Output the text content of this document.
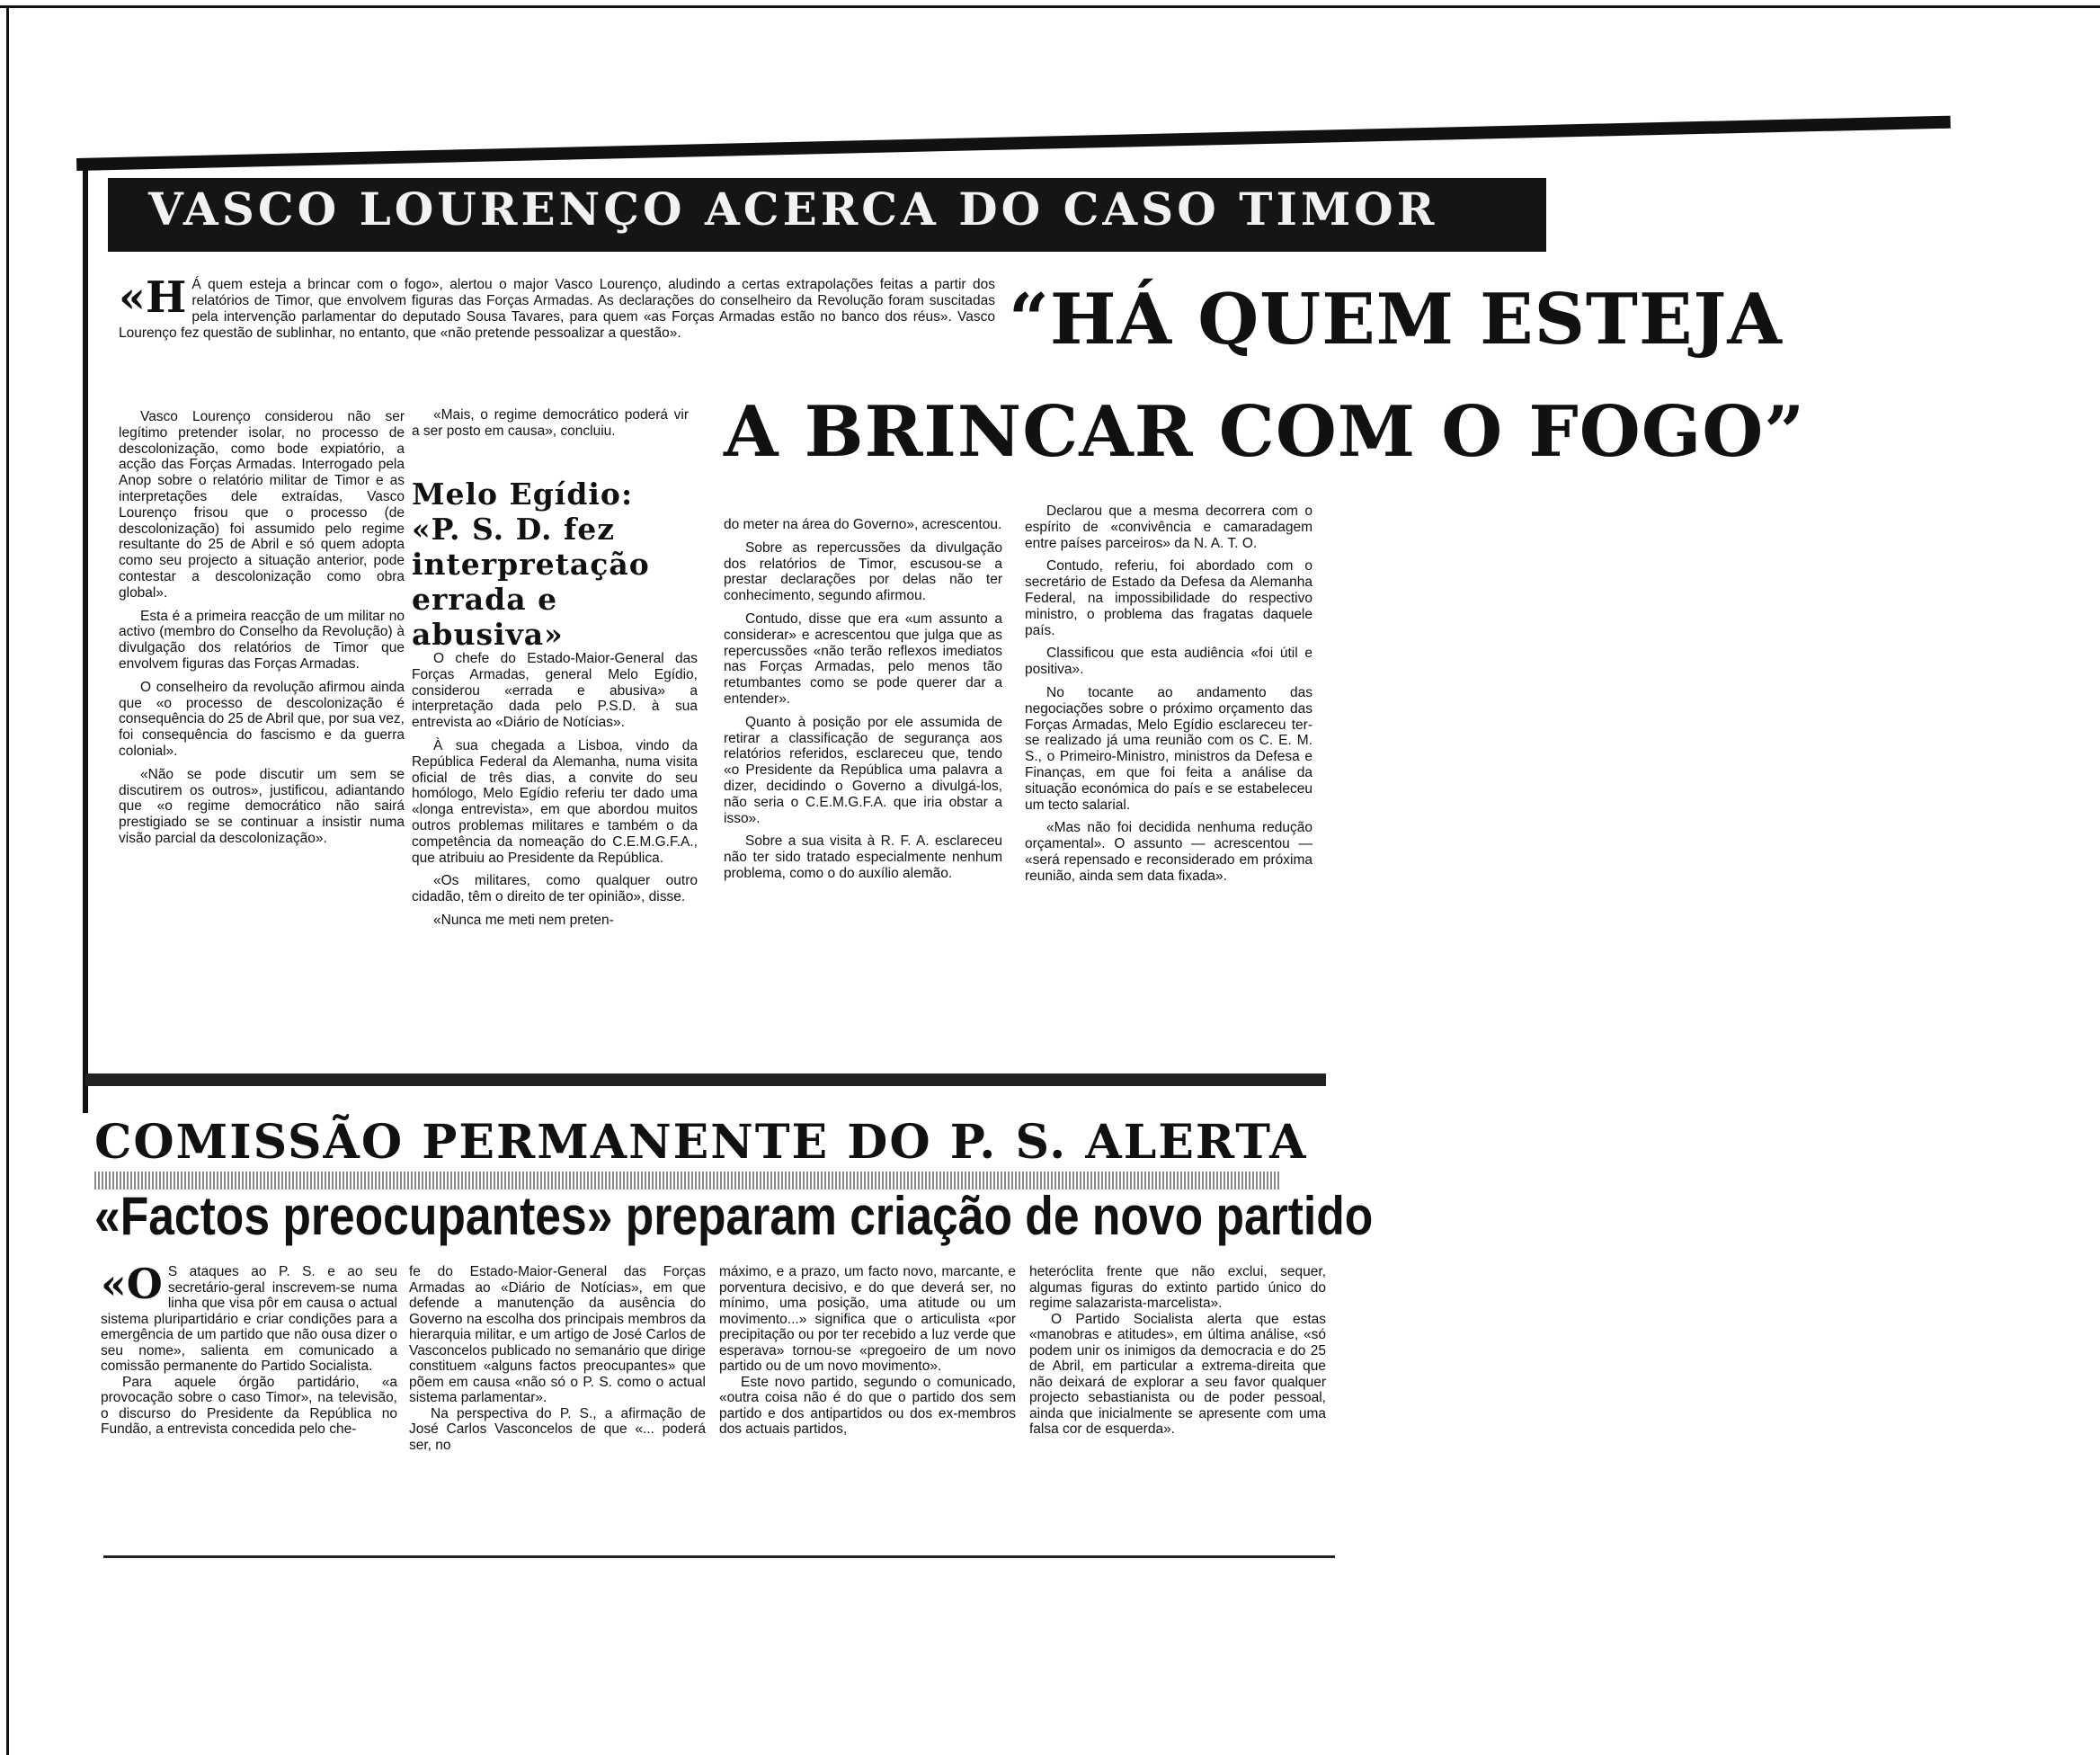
VASCO LOURENÇO ACERCA DO CASO TIMOR
«H Á quem esteja a brincar com o fogo», alertou o major Vasco Lourenço, aludindo a certas extrapolações feitas a partir dos relatórios de Timor, que envolvem figuras das Forças Armadas. As declarações do conselheiro da Revolução foram suscitadas pela intervenção parlamentar do deputado Sousa Tavares, para quem «as Forças Armadas estão no banco dos réus». Vasco Lourenço fez questão de sublinhar, no entanto, que «não pretende pessoalizar a questão».	“HÁ QUEM ESTEJA
A BRINCAR COM O FOGO”

Vasco Lourenço considerou não ser legítimo pretender isolar, no processo de descolonização, como bode expiatório, a acção das Forças Armadas. Interrogado pela Anop sobre o relatório militar de Timor e as interpretações dele extraídas, Vasco Lourenço frisou que o processo (de descolonização) foi assumido pelo regime resultante do 25 de Abril e só quem adopta como seu projecto a situação anterior, pode contestar a descolonização como obra global».

Esta é a primeira reacção de um militar no activo (membro do Conselho da Revolução) à divulgação dos relatórios de Timor que envolvem figuras das Forças Armadas.

O conselheiro da revolução afirmou ainda que «o processo de descolonização é consequência do 25 de Abril que, por sua vez, foi consequência do fascismo e da guerra colonial».

«Não se pode discutir um sem se discutirem os outros», justificou, adiantando que «o regime democrático não sairá prestigiado se se continuar a insistir numa visão parcial da descolonização».

«Mais, o regime democrático poderá vir a ser posto em causa», concluiu.

Melo Egídio: «P. S. D. fez interpretação errada e abusiva»

O chefe do Estado-Maior-General das Forças Armadas, general Melo Egídio, considerou «errada e abusiva» a interpretação dada pelo P.S.D. à sua entrevista ao «Diário de Notícias».

À sua chegada a Lisboa, vindo da República Federal da Alemanha, numa visita oficial de três dias, a convite do seu homólogo, Melo Egídio referiu ter dado uma «longa entrevista», em que abordou muitos outros problemas militares e também o da competência da nomeação do C.E.M.G.F.A., que atribuiu ao Presidente da República.

«Os militares, como qualquer outro cidadão, têm o direito de ter opinião», disse.

«Nunca me meti nem preten-

do meter na área do Governo», acrescentou.

Sobre as repercussões da divulgação dos relatórios de Timor, escusou-se a prestar declarações por delas não ter conhecimento, segundo afirmou.

Contudo, disse que era «um assunto a considerar» e acrescentou que julga que as repercussões «não terão reflexos imediatos nas Forças Armadas, pelo menos tão retumbantes como se pode querer dar a entender».

Quanto à posição por ele assumida de retirar a classificação de segurança aos relatórios referidos, esclareceu que, tendo «o Presidente da República uma palavra a dizer, decidindo o Governo a divulgá-los, não seria o C.E.M.G.F.A. que iria obstar a isso».

Sobre a sua visita à R. F. A. esclareceu não ter sido tratado especialmente nenhum problema, como o do auxílio alemão.

Declarou que a mesma decorrera com o espírito de «convivência e camaradagem entre países parceiros» da N. A. T. O.

Contudo, referiu, foi abordado com o secretário de Estado da Defesa da Alemanha Federal, na impossibilidade do respectivo ministro, o problema das fragatas daquele país.

Classificou que esta audiência «foi útil e positiva».

No tocante ao andamento das negociações sobre o próximo orçamento das Forças Armadas, Melo Egídio esclareceu ter-se realizado já uma reunião com os C. E. M. S., o Primeiro-Ministro, ministros da Defesa e Finanças, em que foi feita a análise da situação económica do país e se estabeleceu um tecto salarial.

«Mas não foi decidida nenhuma redução orçamental». O assunto — acrescentou — «será repensado e reconsiderado em próxima reunião, ainda sem data fixada».

COMISSÃO PERMANENTE DO P. S. ALERTA
«Factos preocupantes» preparam criação de novo partido
«O S ataques ao P. S. e ao seu secretário-geral inscrevem-se numa linha que visa pôr em causa o actual sistema pluripartidário e criar condições para a emergência de um partido que não ousa dizer o seu nome», salienta em comunicado a comissão permanente do Partido Socialista.

Para aquele órgão partidário, «a provocação sobre o caso Timor», na televisão, o discurso do Presidente da República no Fundão, a entrevista concedida pelo che-

fe do Estado-Maior-General das Forças Armadas ao «Diário de Notícias», em que defende a manutenção da ausência do Governo na escolha dos principais membros da hierarquia militar, e um artigo de José Carlos de Vasconcelos publicado no semanário que dirige constituem «alguns factos preocupantes» que põem em causa «não só o P. S. como o actual sistema parlamentar».

Na perspectiva do P. S., a afirmação de José Carlos Vasconcelos de que «... poderá ser, no

máximo, e a prazo, um facto novo, marcante, e porventura decisivo, e do que deverá ser, no mínimo, uma posição, uma atitude ou um movimento...» significa que o articulista «por precipitação ou por ter recebido a luz verde que esperava» tornou-se «pregoeiro de um novo partido ou de um novo movimento».

Este novo partido, segundo o comunicado, «outra coisa não é do que o partido dos sem partido e dos antipartidos ou dos ex-membros dos actuais partidos,

heteróclita frente que não exclui, sequer, algumas figuras do extinto partido único do regime salazarista-marcelista».

O Partido Socialista alerta que estas «manobras e atitudes», em última análise, «só podem unir os inimigos da democracia e do 25 de Abril, em particular a extrema-direita que não deixará de explorar a seu favor qualquer projecto sebastianista ou de poder pessoal, ainda que inicialmente se apresente com uma falsa cor de esquerda».
